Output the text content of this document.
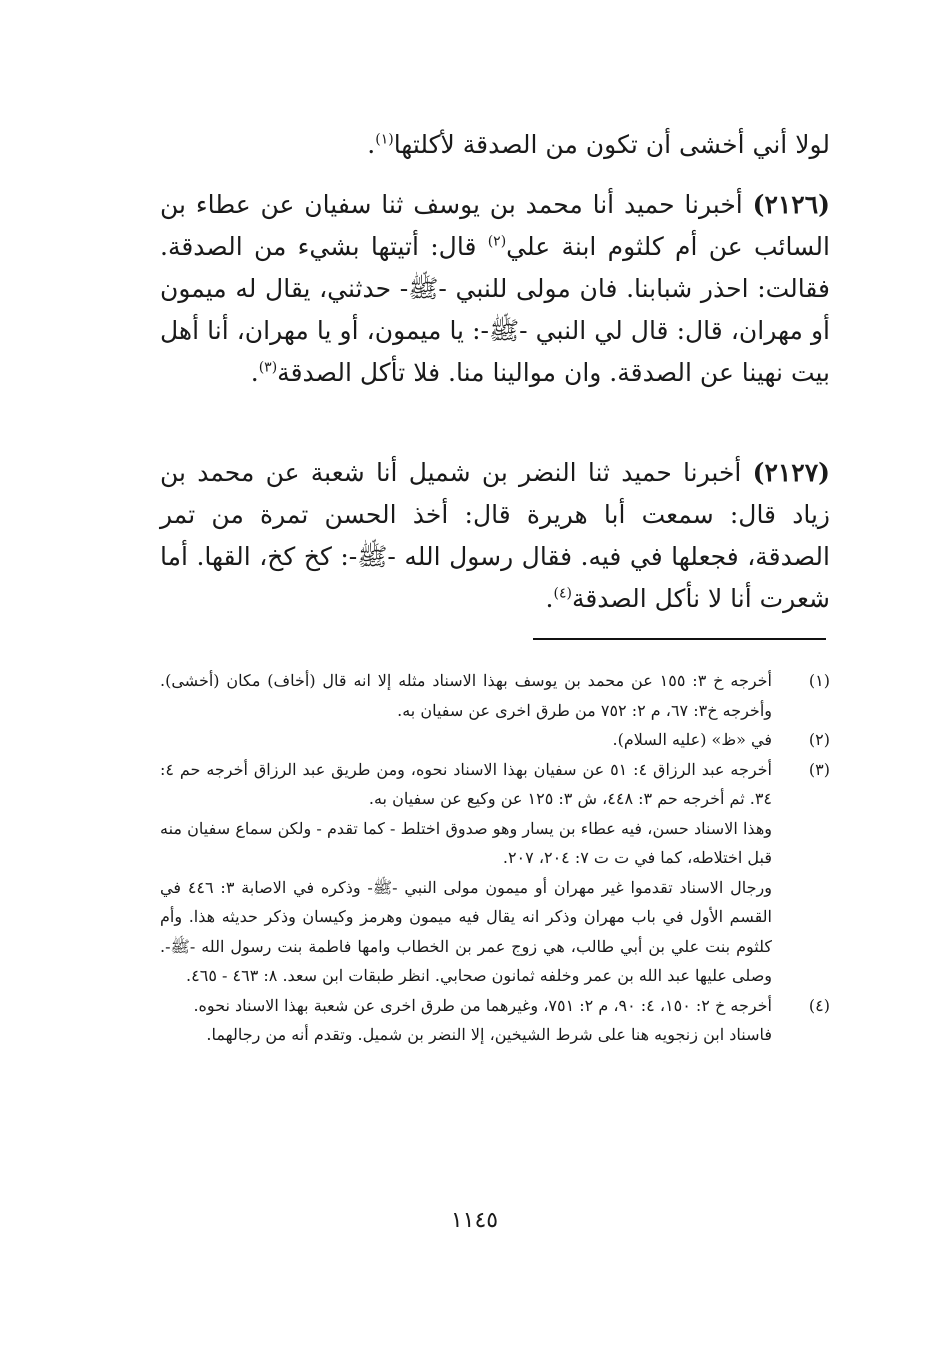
لولا أني أخشى أن تكون من الصدقة لأكلتها$^{(١)}$.
(٢١٢٦) أخبرنا حميد أنا محمد بن يوسف ثنا سفيان عن عطاء بن السائب عن أم كلثوم ابنة علي$^{(٢)}$ قال: أتيتها بشيء من الصدقة. فقالت: احذر شبابنا. فان مولى للنبي -ﷺ- حدثني، يقال له ميمون أو مهران، قال: قال لي النبي -ﷺ-: يا ميمون، أو يا مهران، أنا أهل بيت نهينا عن الصدقة. وان موالينا منا. فلا تأكل الصدقة$^{(٣)}$.
(٢١٢٧) أخبرنا حميد ثنا النضر بن شميل أنا شعبة عن محمد بن زياد قال: سمعت أبا هريرة قال: أخذ الحسن تمرة من تمر الصدقة، فجعلها في فيه. فقال رسول الله -ﷺ-: كخ كخ، القها. أما شعرت أنا لا نأكل الصدقة$^{(٤)}$.
(١)
أخرجه خ ٣: ١٥٥ عن محمد بن يوسف بهذا الاسناد مثله إلا انه قال (أخاف) مكان (أخشى). وأخرجه خ٣: ٦٧، م ٢: ٧٥٢ من طرق اخرى عن سفيان به.
(٢)
في «ظ» (عليه السلام).
(٣)
أخرجه عبد الرزاق ٤: ٥١ عن سفيان بهذا الاسناد نحوه، ومن طريق عبد الرزاق أخرجه حم ٤: ٣٤. ثم أخرجه حم ٣: ٤٤٨، ش ٣: ١٢٥ عن وكيع عن سفيان به.
وهذا الاسناد حسن، فيه عطاء بن يسار وهو صدوق اختلط - كما تقدم - ولكن سماع سفيان منه قبل اختلاطه، كما في ت ت ٧: ٢٠٤، ٢٠٧.
ورجال الاسناد تقدموا غير مهران أو ميمون مولى النبي -ﷺ- وذكره في الاصابة ٣: ٤٤٦ في القسم الأول في باب مهران وذكر انه يقال فيه ميمون وهرمز وكيسان وذكر حديثه هذا. وأم كلثوم بنت علي بن أبي طالب، هي زوج عمر بن الخطاب وامها فاطمة بنت رسول الله -ﷺ-. وصلى عليها عبد الله بن عمر وخلفه ثمانون صحابي. انظر طبقات ابن سعد. ٨: ٤٦٣ - ٤٦٥.
(٤)
أخرجه خ ٢: ١٥٠، ٤: ٩٠، م ٢: ٧٥١، وغيرهما من طرق اخرى عن شعبة بهذا الاسناد نحوه.
فاسناد ابن زنجويه هنا على شرط الشيخين، إلا النضر بن شميل. وتقدم أنه من رجالهما.
١١٤٥
